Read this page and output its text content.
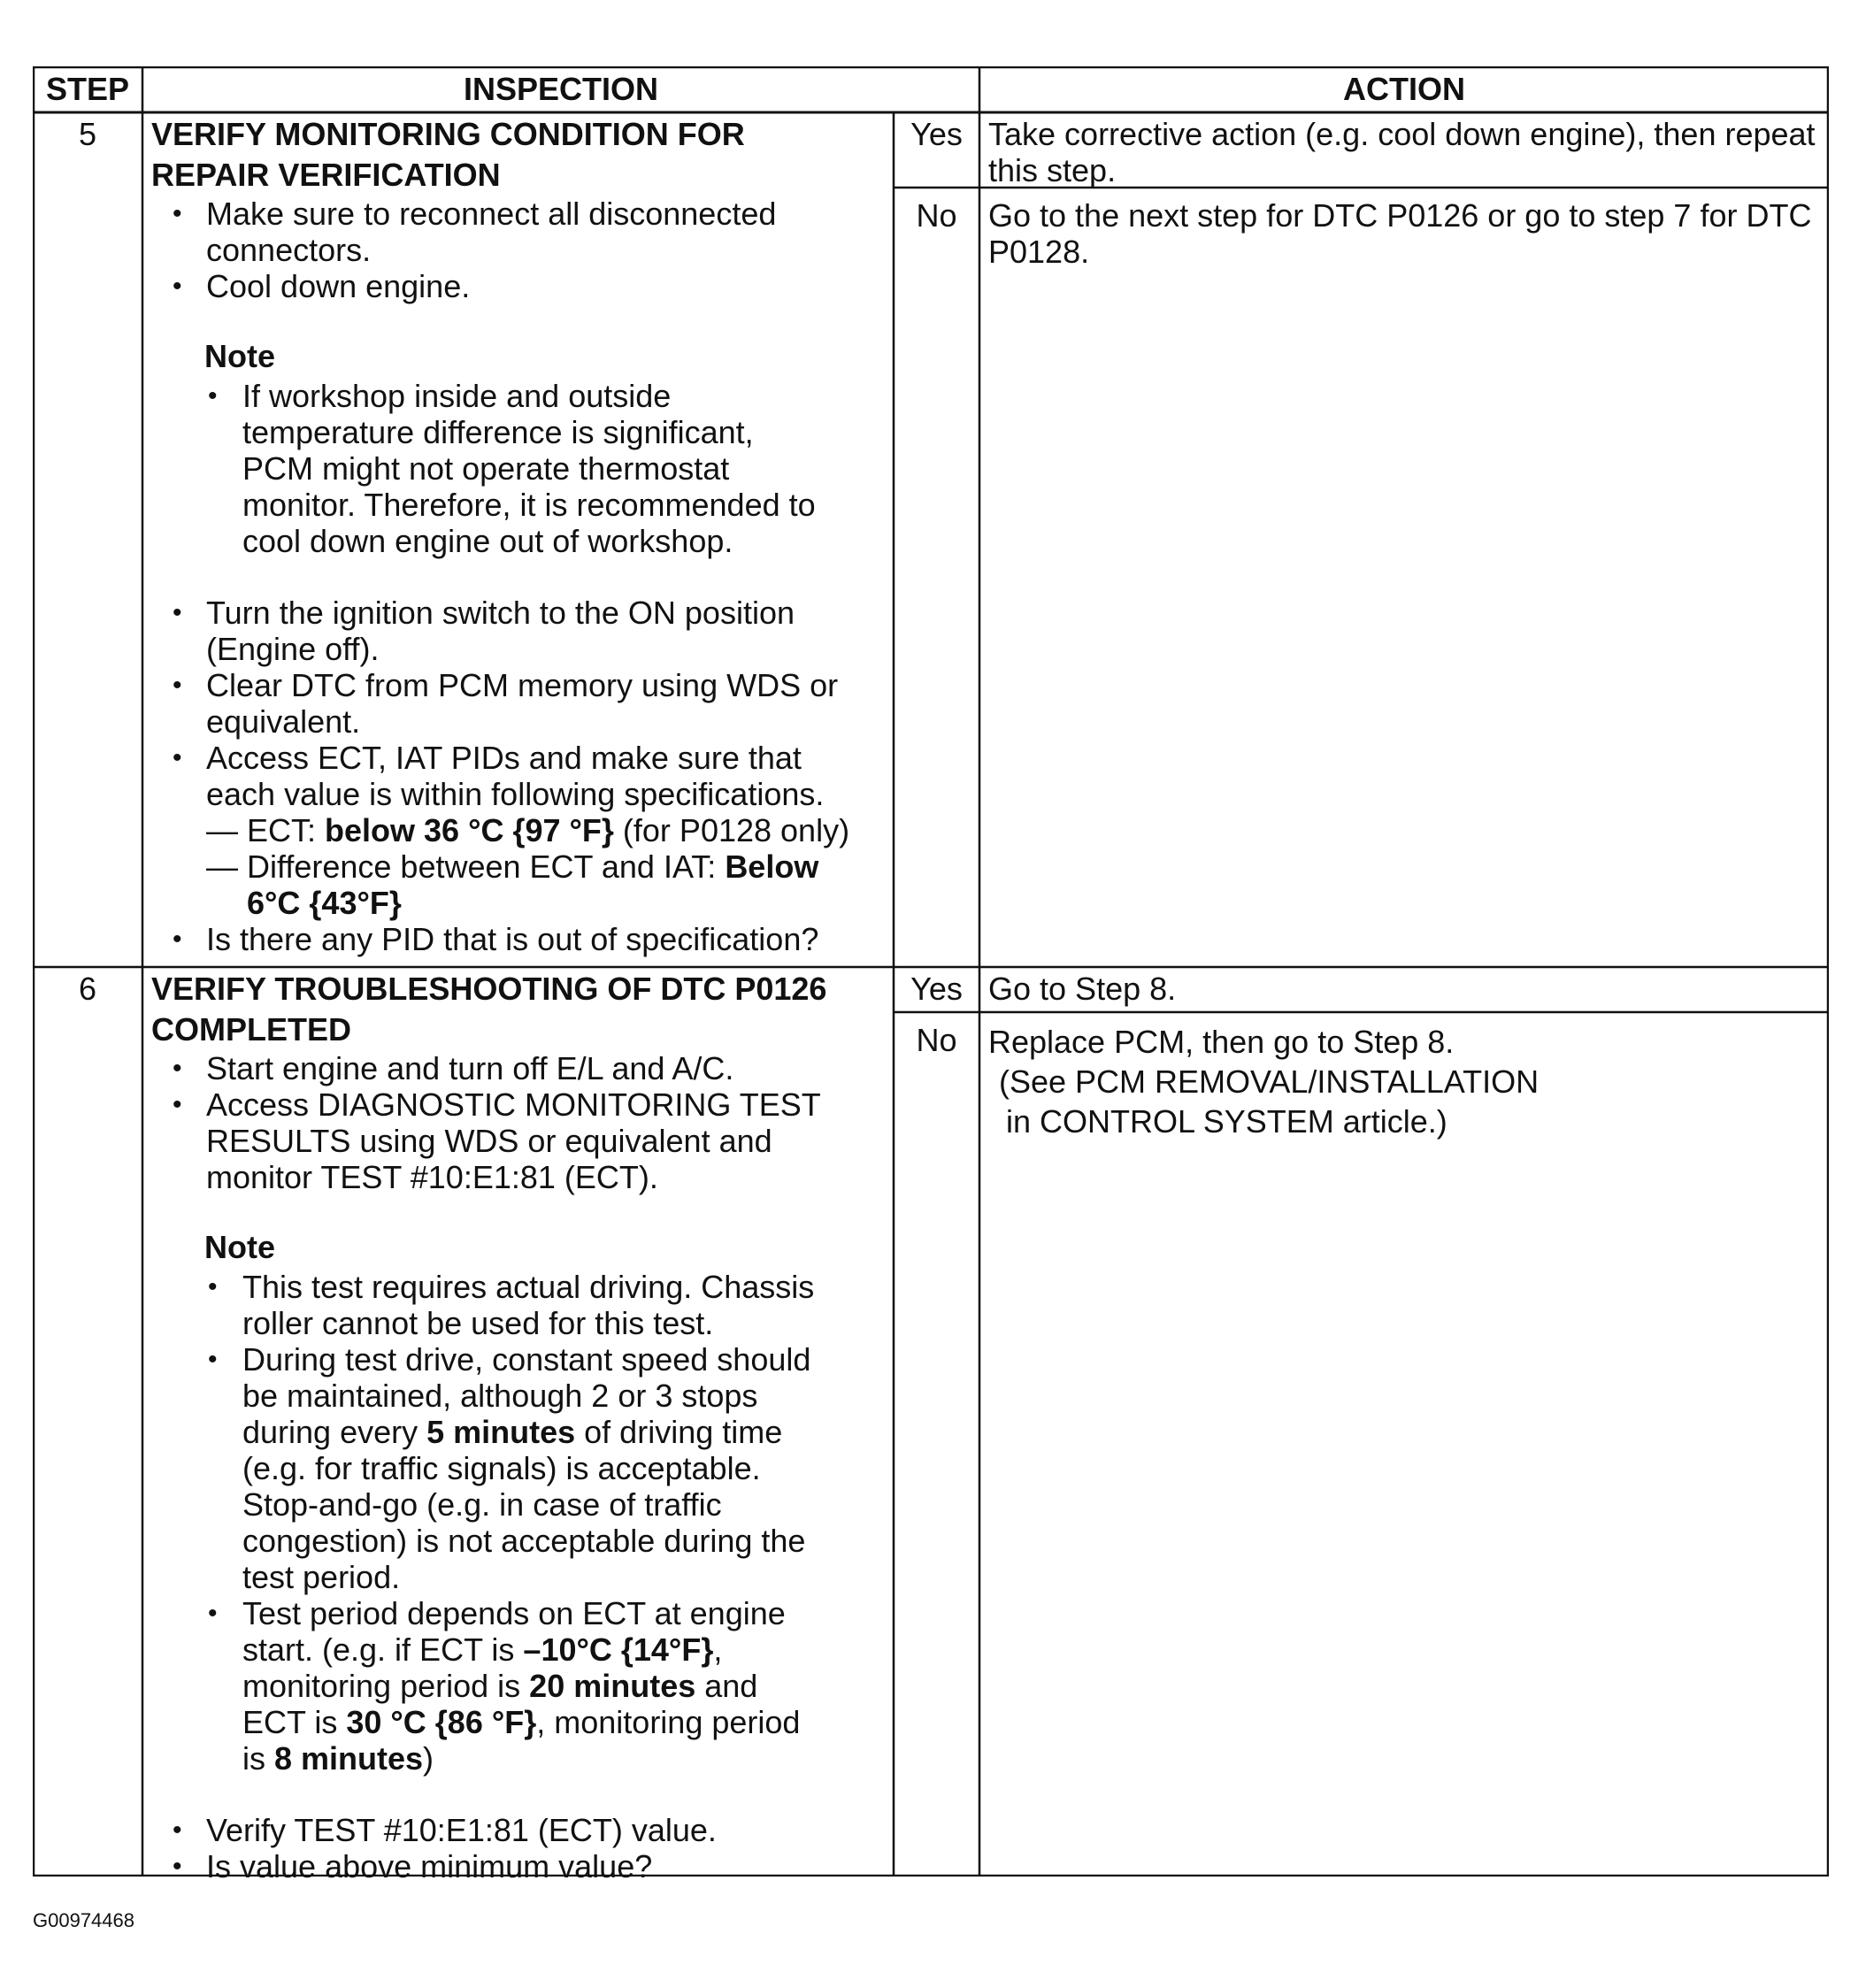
STEP	INSPECTION	ACTION
5	VERIFY MONITORING CONDITION FOR
REPAIR VERIFICATION
• Make sure to reconnect all disconnected
connectors.
• Cool down engine.
Note
• If workshop inside and outside
temperature difference is significant,
PCM might not operate thermostat
monitor. Therefore, it is recommended to
cool down engine out of workshop.
• Turn the ignition switch to the ON position
(Engine off).
• Clear DTC from PCM memory using WDS or
equivalent.
• Access ECT, IAT PIDs and make sure that
each value is within following specifications.
— ECT: below 36 °C {97 °F} (for P0128 only)
— Difference between ECT and IAT: Below
6°C {43°F}
• Is there any PID that is out of specification?
Yes Take corrective action (e.g. cool down engine), then repeat
this step.
No Go to the next step for DTC P0126 or go to step 7 for DTC
P0128.
6	VERIFY TROUBLESHOOTING OF DTC P0126
COMPLETED
• Start engine and turn off E/L and A/C.
• Access DIAGNOSTIC MONITORING TEST
RESULTS using WDS or equivalent and
monitor TEST #10:E1:81 (ECT).
Note
• This test requires actual driving. Chassis
roller cannot be used for this test.
• During test drive, constant speed should
be maintained, although 2 or 3 stops
during every 5 minutes of driving time
(e.g. for traffic signals) is acceptable.
Stop-and-go (e.g. in case of traffic
congestion) is not acceptable during the
test period.
• Test period depends on ECT at engine
start. (e.g. if ECT is –10°C {14°F},
monitoring period is 20 minutes and
ECT is 30 °C {86 °F}, monitoring period
is 8 minutes)
• Verify TEST #10:E1:81 (ECT) value.
• Is value above minimum value?
Yes Go to Step 8.
No Replace PCM, then go to Step 8.
(See PCM REMOVAL/INSTALLATION
in CONTROL SYSTEM article.)
G00974468
